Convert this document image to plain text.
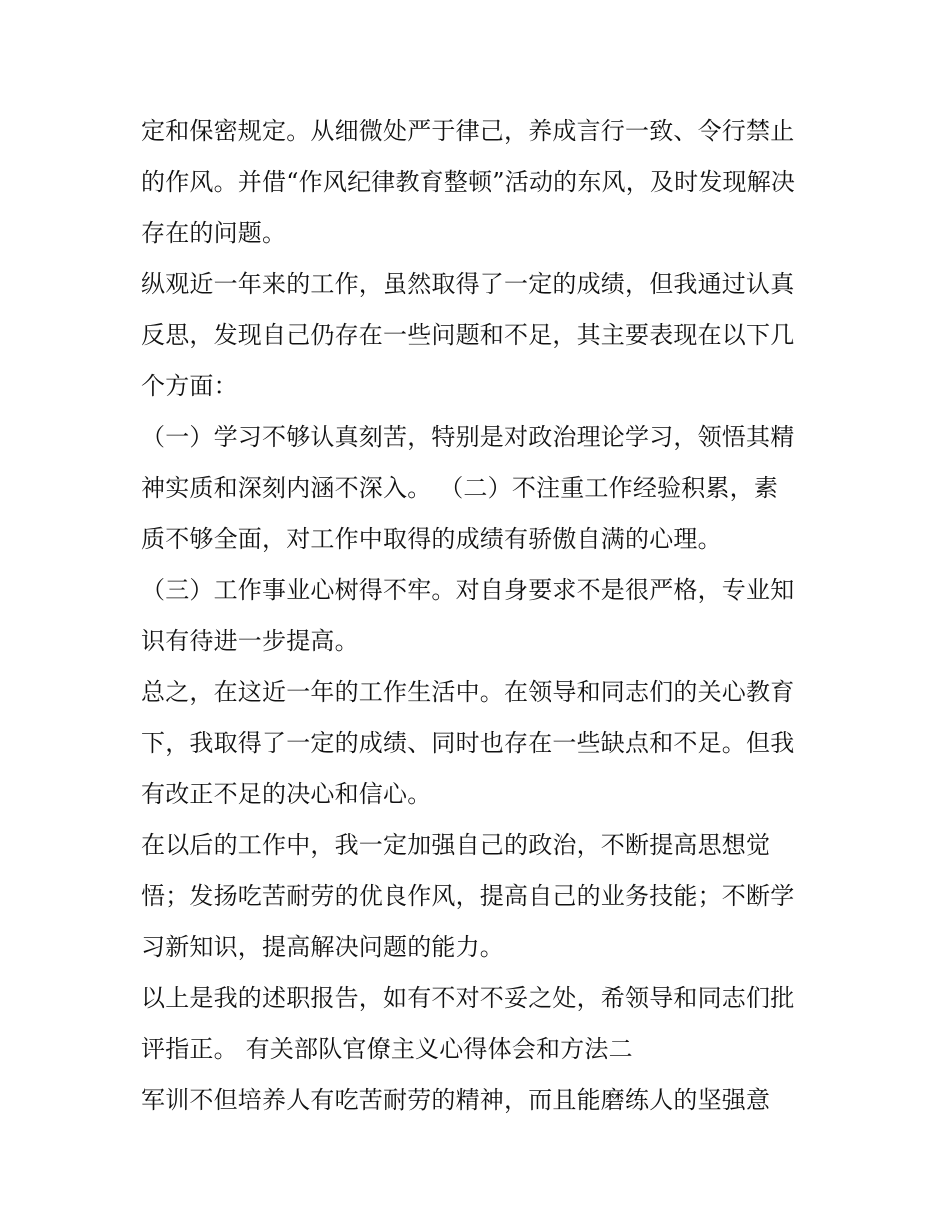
定和保密规定。从细微处严于律己，养成言行一致、令行禁止
的作风。并借“作风纪律教育整顿”活动的东风，及时发现解决
存在的问题。
纵观近一年来的工作，虽然取得了一定的成绩，但我通过认真
反思，发现自己仍存在一些问题和不足，其主要表现在以下几
个方面：
（一）学习不够认真刻苦，特别是对政治理论学习，领悟其精
神实质和深刻内涵不深入。 （二）不注重工作经验积累，素
质不够全面，对工作中取得的成绩有骄傲自满的心理。
（三）工作事业心树得不牢。对自身要求不是很严格，专业知
识有待进一步提高。
总之，在这近一年的工作生活中。在领导和同志们的关心教育
下，我取得了一定的成绩、同时也存在一些缺点和不足。但我
有改正不足的决心和信心。
在以后的工作中，我一定加强自己的政治，不断提高思想觉
悟；发扬吃苦耐劳的优良作风，提高自己的业务技能；不断学
习新知识，提高解决问题的能力。
以上是我的述职报告，如有不对不妥之处，希领导和同志们批
评指正。 有关部队官僚主义心得体会和方法二
军训不但培养人有吃苦耐劳的精神，而且能磨练人的坚强意
